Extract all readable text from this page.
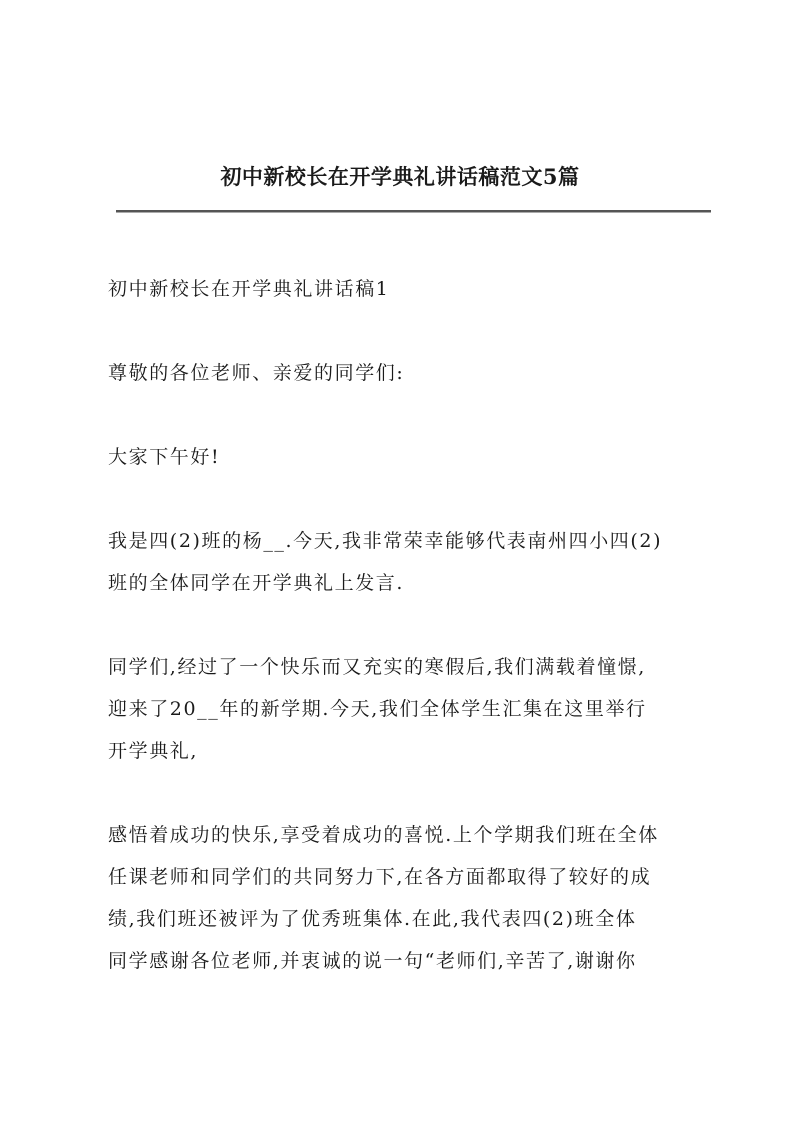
初中新校长在开学典礼讲话稿范文5篇
初中新校长在开学典礼讲话稿1
尊敬的各位老师、亲爱的同学们:
大家下午好!
我是四(2)班的杨__.今天,我非常荣幸能够代表南州四小四(2)
班的全体同学在开学典礼上发言.
同学们,经过了一个快乐而又充实的寒假后,我们满载着憧憬,
迎来了20__年的新学期.今天,我们全体学生汇集在这里举行
开学典礼,
感悟着成功的快乐,享受着成功的喜悦.上个学期我们班在全体
任课老师和同学们的共同努力下,在各方面都取得了较好的成
绩,我们班还被评为了优秀班集体.在此,我代表四(2)班全体
同学感谢各位老师,并衷诚的说一句“老师们,辛苦了,谢谢你
